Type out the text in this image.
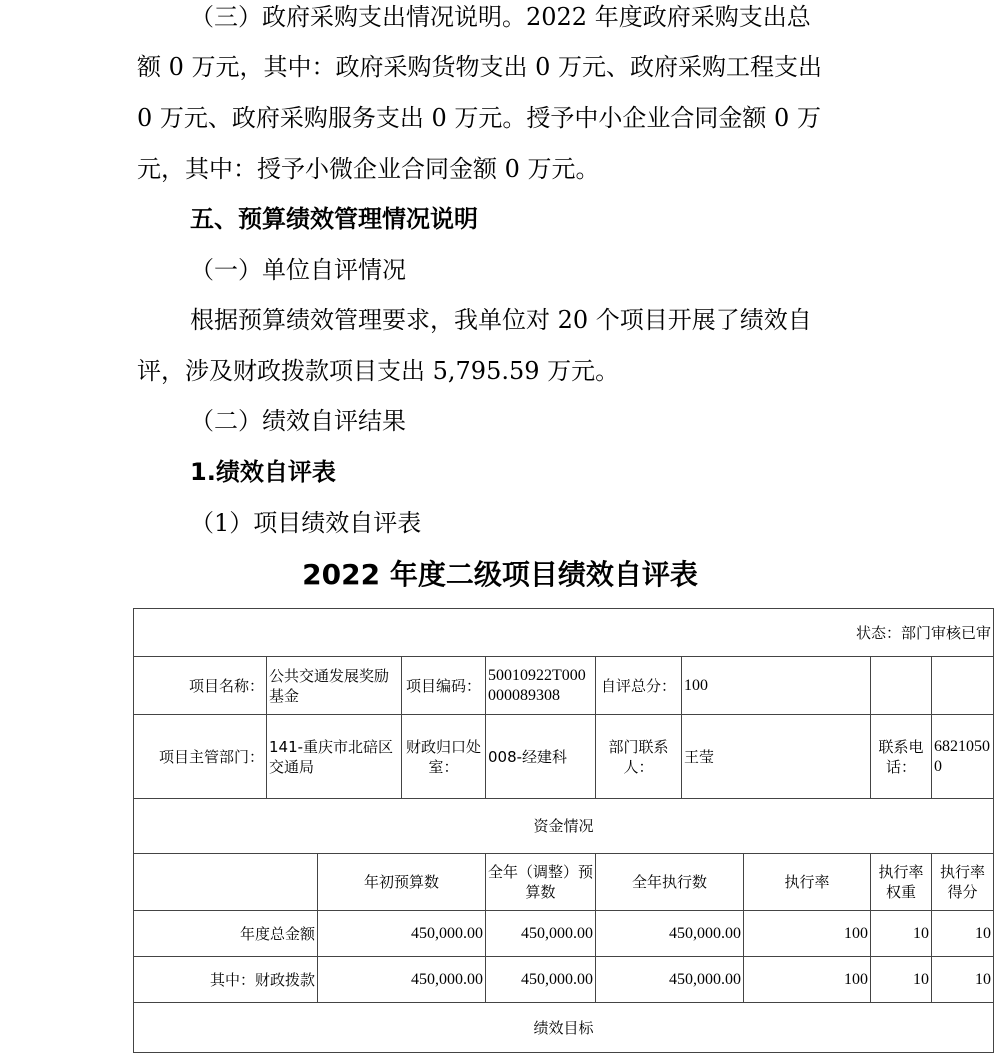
（三）政府采购支出情况说明。2022 年度政府采购支出总

额 0 万元，其中：政府采购货物支出 0 万元、政府采购工程支出

0 万元、政府采购服务支出 0 万元。授予中小企业合同金额 0 万

元，其中：授予小微企业合同金额 0 万元。

五、预算绩效管理情况说明

（一）单位自评情况

根据预算绩效管理要求，我单位对 20 个项目开展了绩效自

评，涉及财政拨款项目支出 5,795.59 万元。

（二）绩效自评结果

1.绩效自评表

（1）项目绩效自评表

2022 年度二级项目绩效自评表
状态：部门审核已审									
项目名称：	公共交通发展奖励基金		项目编码：	50010922T000000089308	自评总分：	100			
项目主管部门：	141-重庆市北碚区交通局		财政归口处室：	008-经建科	部门联系人：	王莹		联系电话：	68210500
资金情况									
		年初预算数		全年（调整）预算数	全年执行数		执行率	执行率权重	执行率得分
年度总金额		450,000.00		450,000.00	450,000.00		100	10	10
其中：财政拨款		450,000.00		450,000.00	450,000.00		100	10	10
绩效目标									
